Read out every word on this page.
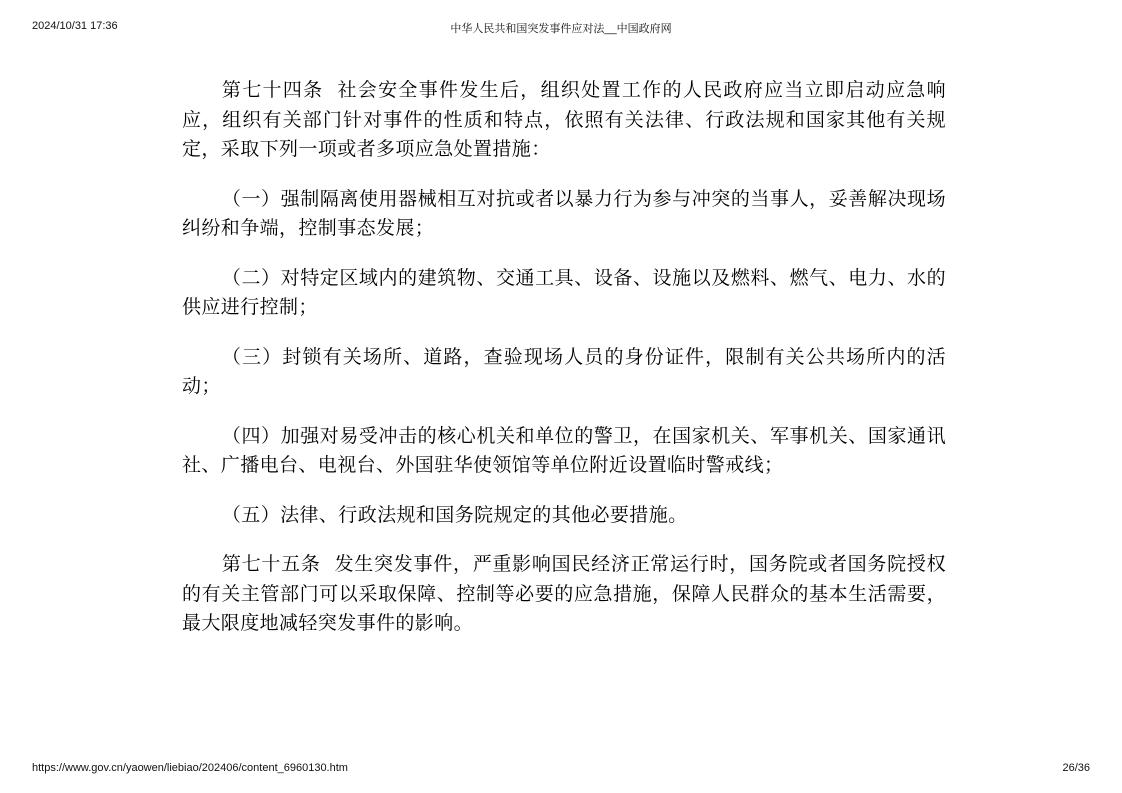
2024/10/31 17:36	中华人民共和国突发事件应对法__中国政府网

第七十四条 社会安全事件发生后，组织处置工作的人民政府应当立即启动应急响应，组织有关部门针对事件的性质和特点，依照有关法律、行政法规和国家其他有关规定，采取下列一项或者多项应急处置措施：

（一）强制隔离使用器械相互对抗或者以暴力行为参与冲突的当事人，妥善解决现场纠纷和争端，控制事态发展；

（二）对特定区域内的建筑物、交通工具、设备、设施以及燃料、燃气、电力、水的供应进行控制；

（三）封锁有关场所、道路，查验现场人员的身份证件，限制有关公共场所内的活动；

（四）加强对易受冲击的核心机关和单位的警卫，在国家机关、军事机关、国家通讯社、广播电台、电视台、外国驻华使领馆等单位附近设置临时警戒线；

（五）法律、行政法规和国务院规定的其他必要措施。

第七十五条 发生突发事件，严重影响国民经济正常运行时，国务院或者国务院授权的有关主管部门可以采取保障、控制等必要的应急措施，保障人民群众的基本生活需要，最大限度地减轻突发事件的影响。

https://www.gov.cn/yaowen/liebiao/202406/content_6960130.htm	26/36
